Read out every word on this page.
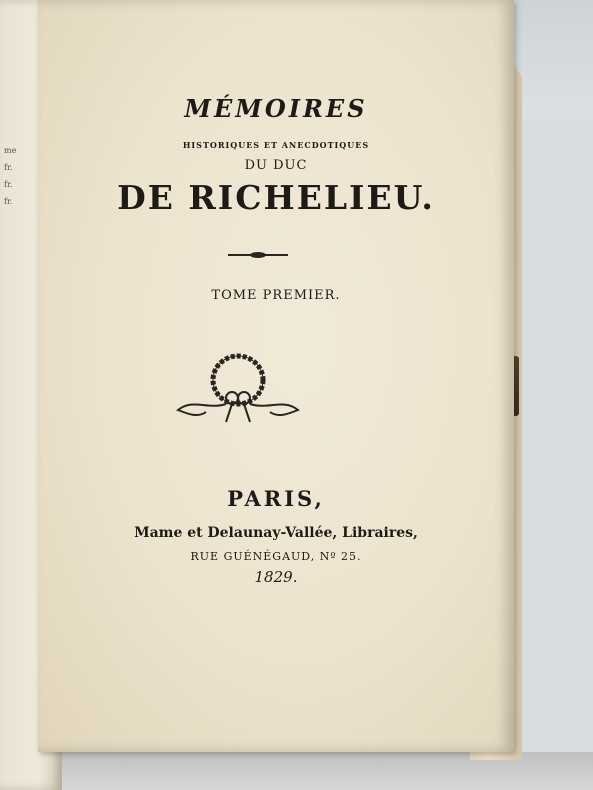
me
fr.
fr.
fr.
MÉMOIRES
HISTORIQUES ET ANECDOTIQUES
DU DUC
DE RICHELIEU.
TOME PREMIER.
PARIS,
Mame et Delaunay-Vallée, Libraires,
RUE GUÉNÉGAUD, Nº 25.
1829.
